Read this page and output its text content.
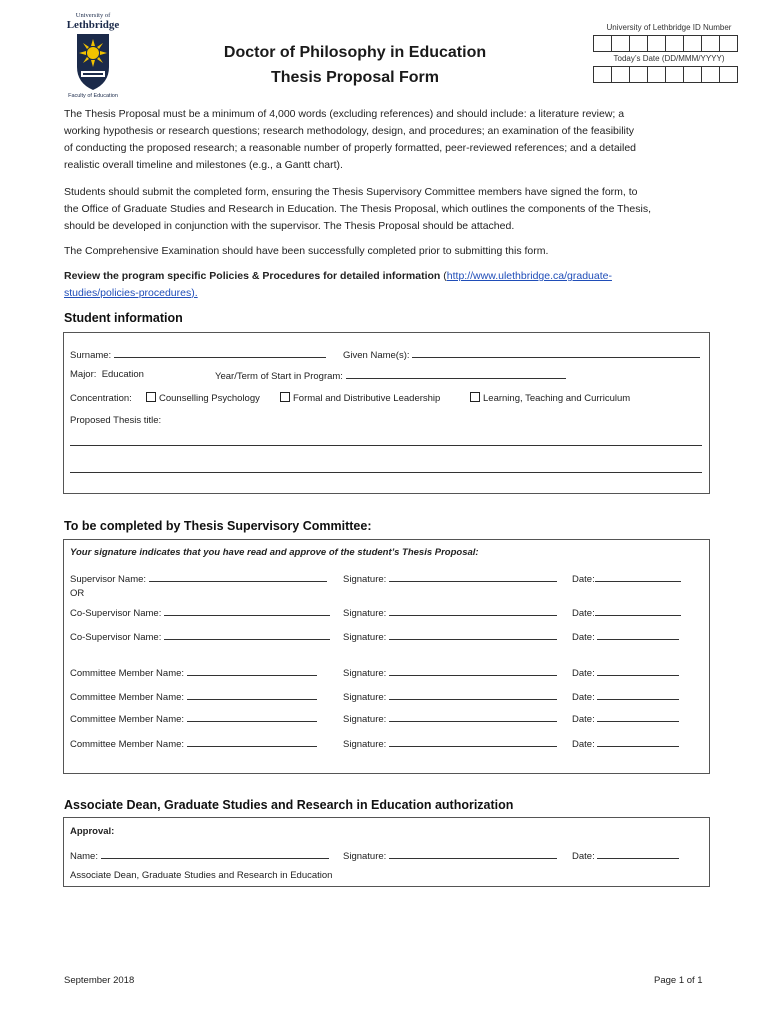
University of
Lethbridge
Faculty of Education
Doctor of Philosophy in Education
Thesis Proposal Form
University of Lethbridge ID Number
Today’s Date (DD/MMM/YYYY)
The Thesis Proposal must be a minimum of 4,000 words (excluding references) and should include: a literature review; a
working hypothesis or research questions; research methodology, design, and procedures; an examination of the feasibility
of conducting the proposed research; a reasonable number of properly formatted, peer-reviewed references; and a detailed
realistic overall timeline and milestones (e.g., a Gantt chart).
Students should submit the completed form, ensuring the Thesis Supervisory Committee members have signed the form, to
the Office of Graduate Studies and Research in Education. The Thesis Proposal, which outlines the components of the Thesis,
should be developed in conjunction with the supervisor. The Thesis Proposal should be attached.
The Comprehensive Examination should have been successfully completed prior to submitting this form.
Review the program specific Policies & Procedures for detailed information (http://www.ulethbridge.ca/graduate-
studies/policies-procedures).
Student information
Surname:	Given Name(s):
Major: Education	Year/Term of Start in Program:
Concentration:	Counselling Psychology	Formal and Distributive Leadership	Learning, Teaching and Curriculum
Proposed Thesis title:
To be completed by Thesis Supervisory Committee:
Your signature indicates that you have read and approve of the student’s Thesis Proposal:
Supervisor Name:	Signature:	Date:
OR
Co-Supervisor Name:	Signature:	Date:
Co-Supervisor Name:	Signature:	Date:
Committee Member Name:	Signature:	Date:
Committee Member Name:	Signature:	Date:
Committee Member Name:	Signature:	Date:
Committee Member Name:	Signature:	Date:
Associate Dean, Graduate Studies and Research in Education authorization
Approval:
Name:	Signature:	Date:
Associate Dean, Graduate Studies and Research in Education
September 2018	Page 1 of 1
